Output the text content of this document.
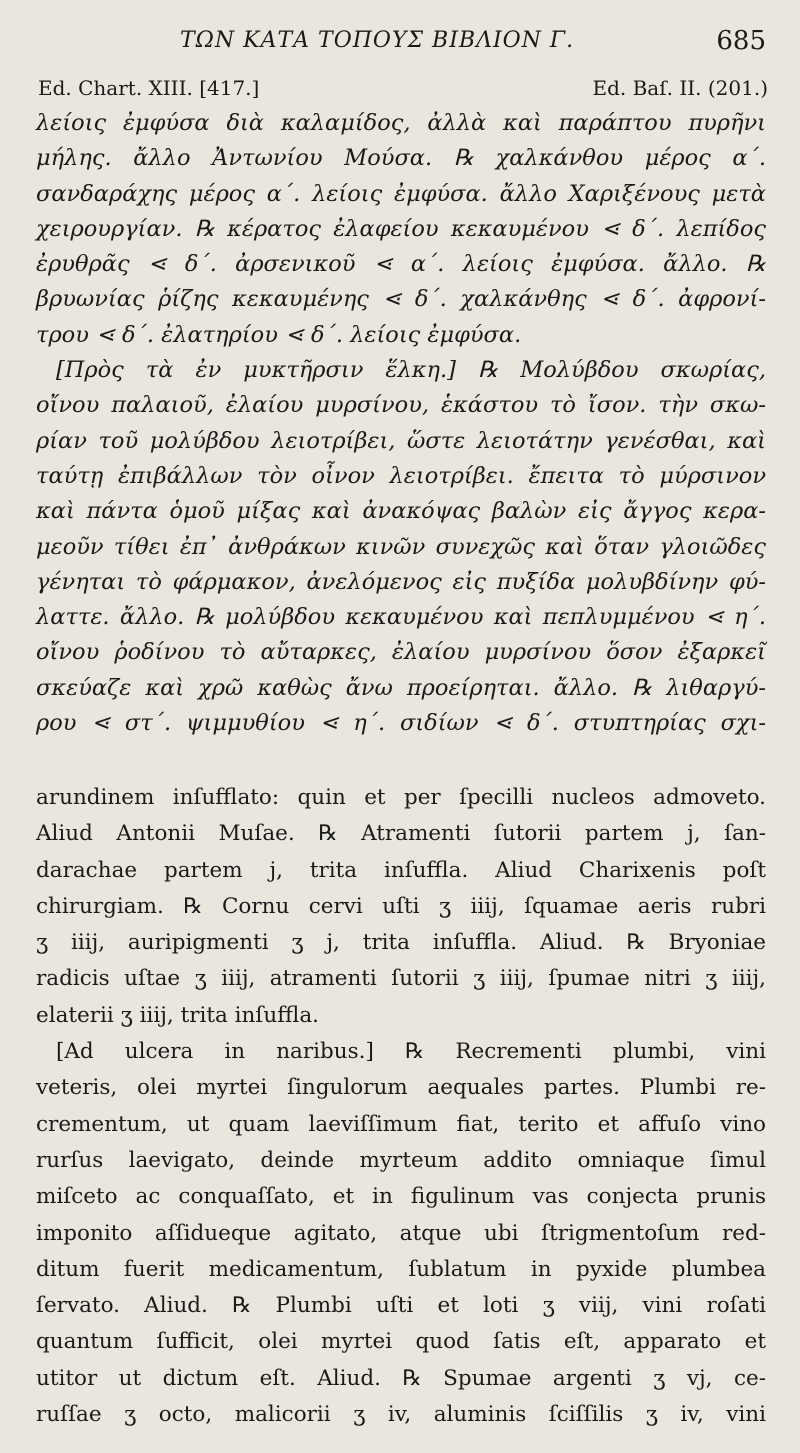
ΤΩΝ ΚΑΤΑ ΤΟΠΟΥΣ ΒΙΒΛΙΟΝ Γ.	685
Ed. Chart. XIII. [417.]	Ed. Baſ. II. (201.)
λείοις ἐμφύσα διὰ καλαμίδος, ἀλλὰ καὶ παράπτου πυρῆνι
μήλης. ἄλλο Ἀντωνίου Μούσα. ℞ χαλκάνθου μέρος α΄.
σανδαράχης μέρος α΄. λείοις ἐμφύσα. ἄλλο Χαριξένους μετὰ
χειρουργίαν. ℞ κέρατος ἐλαφείου κεκαυμένου ⋖ δ΄. λεπίδος
ἐρυθρᾶς ⋖ δ΄. ἀρσενικοῦ ⋖ α΄. λείοις ἐμφύσα. ἄλλο. ℞
βρυωνίας ῥίζης κεκαυμένης ⋖ δ΄. χαλκάνθης ⋖ δ΄. ἀφρονί-
τρου ⋖ δ΄. ἐλατηρίου ⋖ δ΄. λείοις ἐμφύσα.
[Πρὸς τὰ ἐν μυκτῆρσιν ἕλκη.] ℞ Μολύβδου σκωρίας,
οἴνου παλαιοῦ, ἐλαίου μυρσίνου, ἑκάστου τὸ ἴσον. τὴν σκω-
ρίαν τοῦ μολύβδου λειοτρίβει, ὥστε λειοτάτην γενέσθαι, καὶ
ταύτῃ ἐπιβάλλων τὸν οἶνον λειοτρίβει. ἔπειτα τὸ μύρσινον
καὶ πάντα ὁμοῦ μίξας καὶ ἀνακόψας βαλὼν εἰς ἄγγος κερα-
μεοῦν τίθει ἐπ᾽ ἀνθράκων κινῶν συνεχῶς καὶ ὅταν γλοιῶδες
γένηται τὸ φάρμακον, ἀνελόμενος εἰς πυξίδα μολυβδίνην φύ-
λαττε. ἄλλο. ℞ μολύβδου κεκαυμένου καὶ πεπλυμμένου ⋖ η΄.
οἴνου ῥοδίνου τὸ αὔταρκες, ἐλαίου μυρσίνου ὅσον ἐξαρκεῖ
σκεύαζε καὶ χρῶ καθὼς ἄνω προείρηται. ἄλλο. ℞ λιθαργύ-
ρου ⋖ στ΄. ψιμμυθίου ⋖ η΄. σιδίων ⋖ δ΄. στυπτηρίας σχι-
arundinem inſufflato: quin et per ſpecilli nucleos admoveto.
Aliud Antonii Muſae. ℞ Atramenti ſutorii partem j, ſan-
darachae partem j, trita inſuffla. Aliud Charixenis poſt
chirurgiam. ℞ Cornu cervi uſti ʒ iiij, ſquamae aeris rubri
ʒ iiij, auripigmenti ʒ j, trita inſuffla. Aliud. ℞ Bryoniae
radicis uſtae ʒ iiij, atramenti ſutorii ʒ iiij, ſpumae nitri ʒ iiij,
elaterii ʒ iiij, trita inſuffla.
[Ad ulcera in naribus.] ℞ Recrementi plumbi, vini
veteris, olei myrtei ſingulorum aequales partes. Plumbi re-
crementum, ut quam laeviſſimum fiat, terito et affuſo vino
rurſus laevigato, deinde myrteum addito omniaque ſimul
miſceto ac conquaſſato, et in figulinum vas conjecta prunis
imponito aſſidueque agitato, atque ubi ſtrigmentoſum red-
ditum fuerit medicamentum, ſublatum in pyxide plumbea
ſervato. Aliud. ℞ Plumbi uſti et loti ʒ viij, vini roſati
quantum ſufficit, olei myrtei quod ſatis eſt, apparato et
utitor ut dictum eſt. Aliud. ℞ Spumae argenti ʒ vj, ce-
ruſſae ʒ octo, malicorii ʒ iv, aluminis ſciſſilis ʒ iv, vini
